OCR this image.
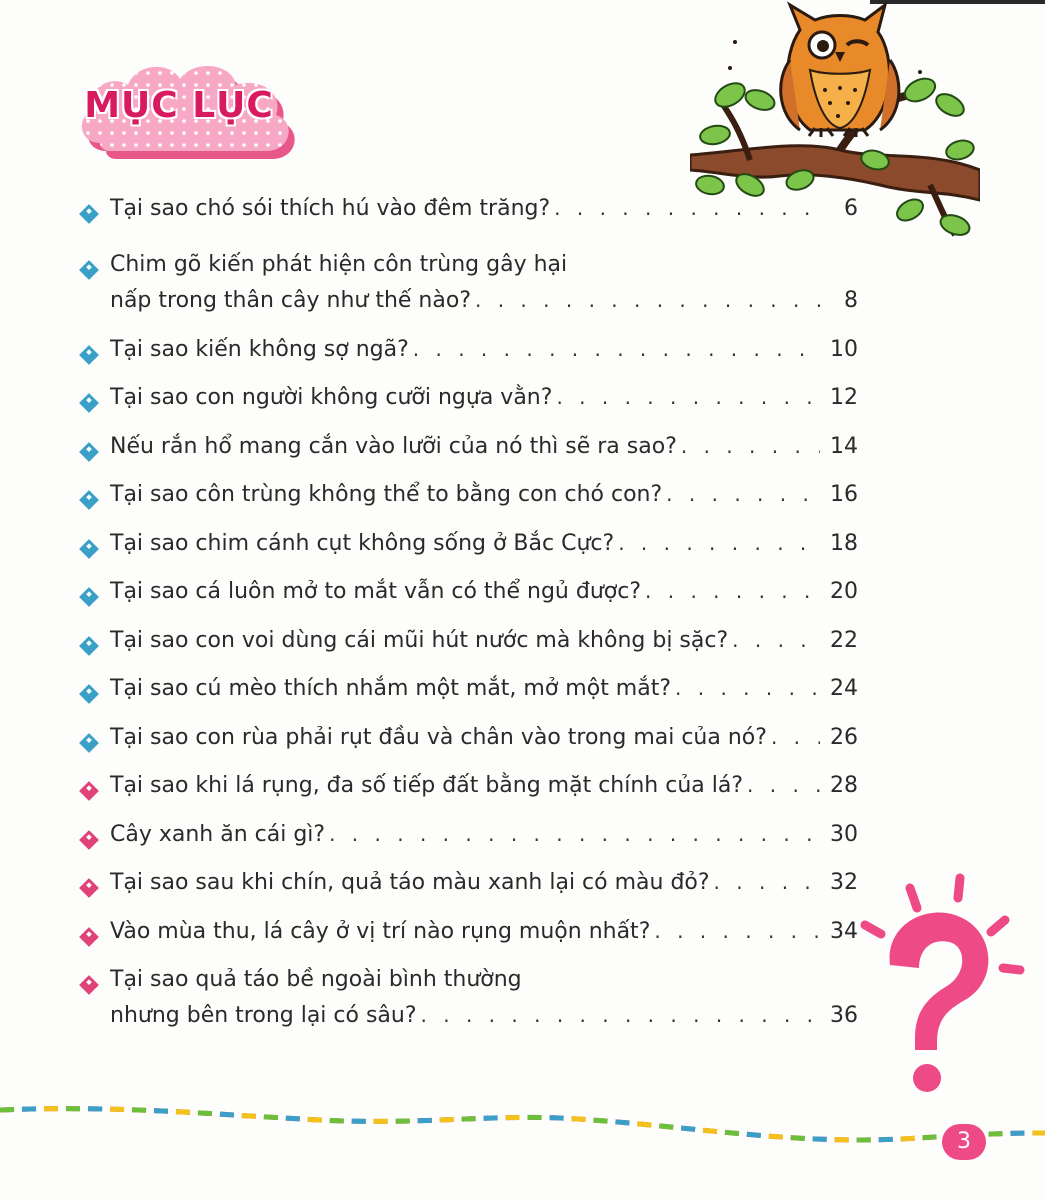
MỤC LỤC
Tại sao chó sói thích hú vào đêm trăng? . . .	6
Chim gõ kiến phát hiện côn trùng gây hại
nấp trong thân cây như thế nào? . . .	8
Tại sao kiến không sợ ngã? . . .	10
Tại sao con người không cưỡi ngựa vằn? . . .	12
Nếu rắn hổ mang cắn vào lưỡi của nó thì sẽ ra sao? . . .	14
Tại sao côn trùng không thể to bằng con chó con? . . .	16
Tại sao chim cánh cụt không sống ở Bắc Cực? . . .	18
Tại sao cá luôn mở to mắt vẫn có thể ngủ được? . . .	20
Tại sao con voi dùng cái mũi hút nước mà không bị sặc? . . .	22
Tại sao cú mèo thích nhắm một mắt, mở một mắt? . . .	24
Tại sao con rùa phải rụt đầu và chân vào trong mai của nó? . . .	26
Tại sao khi lá rụng, đa số tiếp đất bằng mặt chính của lá? . . .	28
Cây xanh ăn cái gì? . . .	30
Tại sao sau khi chín, quả táo màu xanh lại có màu đỏ? . . .	32
Vào mùa thu, lá cây ở vị trí nào rụng muộn nhất? . . .	34
Tại sao quả táo bề ngoài bình thường
nhưng bên trong lại có sâu? . . .	36
3
